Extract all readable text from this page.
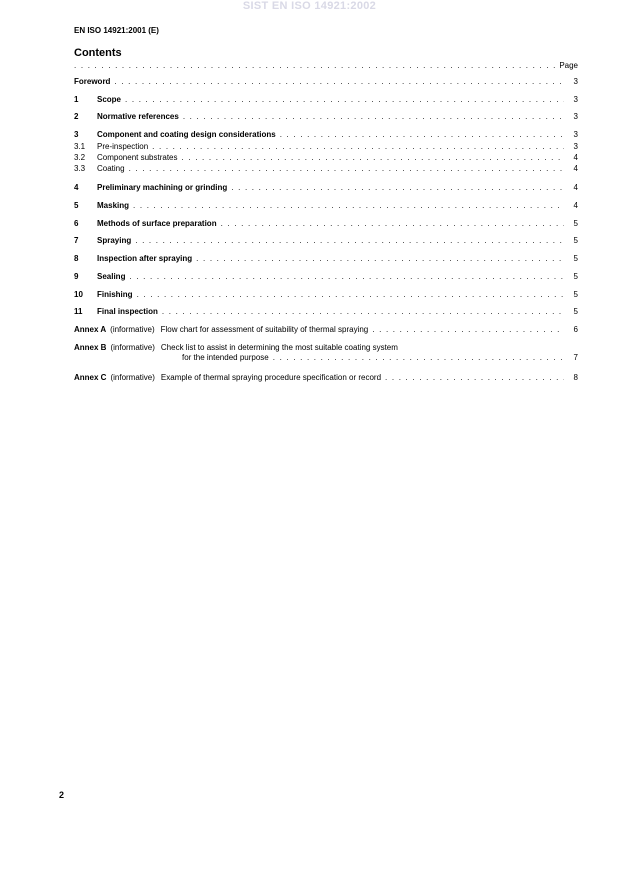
SIST EN ISO 14921:2002
EN ISO 14921:2001 (E)
Contents
. . .
Page
Foreword . . .	3
1	Scope . . .	3
2	Normative references . . .	3
3	Component and coating design considerations . . .	3
3.1	Pre-inspection . . .	3
3.2	Component substrates . . .	4
3.3	Coating . . .	4
4	Preliminary machining or grinding . . .	4
5	Masking . . .	4
6	Methods of surface preparation . . .	5
7	Spraying . . .	5
8	Inspection after spraying . . .	5
9	Sealing . . .	5
10	Finishing . . .	5
11	Final inspection . . .	5
Annex A (informative) Flow chart for assessment of suitability of thermal spraying . . .	6
Annex B (informative) Check list to assist in determining the most suitable coating system
for the intended purpose . . .	7
Annex C (informative) Example of thermal spraying procedure specification or record . . .	8
2
